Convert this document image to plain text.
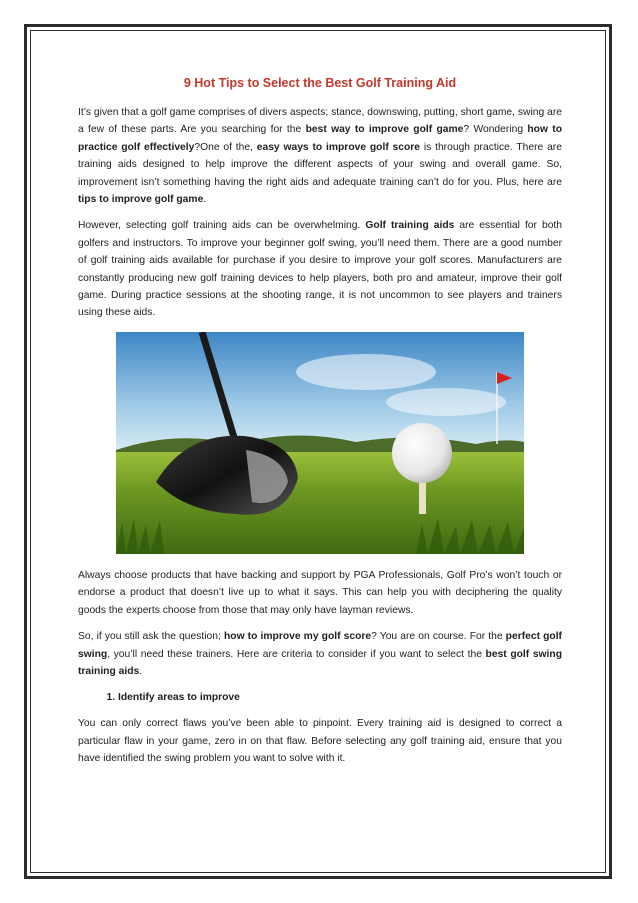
9 Hot Tips to Select the Best Golf Training Aid

It’s given that a golf game comprises of divers aspects; stance, downswing, putting, short game, swing are a few of these parts. Are you searching for the best way to improve golf game? Wondering how to practice golf effectively?One of the, easy ways to improve golf score is through practice. There are training aids designed to help improve the different aspects of your swing and overall game. So, improvement isn’t something having the right aids and adequate training can’t do for you. Plus, here are tips to improve golf game.

However, selecting golf training aids can be overwhelming. Golf training aids are essential for both golfers and instructors. To improve your beginner golf swing, you’ll need them. There are a good number of golf training aids available for purchase if you desire to improve your golf scores. Manufacturers are constantly producing new golf training devices to help players, both pro and amateur, improve their golf game. During practice sessions at the shooting range, it is not uncommon to see players and trainers using these aids.

Always choose products that have backing and support by PGA Professionals, Golf Pro’s won’t touch or endorse a product that doesn’t live up to what it says. This can help you with deciphering the quality goods the experts choose from those that may only have layman reviews.

So, if you still ask the question; how to improve my golf score? You are on course. For the perfect golf swing, you’ll need these trainers. Here are criteria to consider if you want to select the best golf swing training aids.

1. Identify areas to improve

You can only correct flaws you’ve been able to pinpoint. Every training aid is designed to correct a particular flaw in your game, zero in on that flaw. Before selecting any golf training aid, ensure that you have identified the swing problem you want to solve with it.
